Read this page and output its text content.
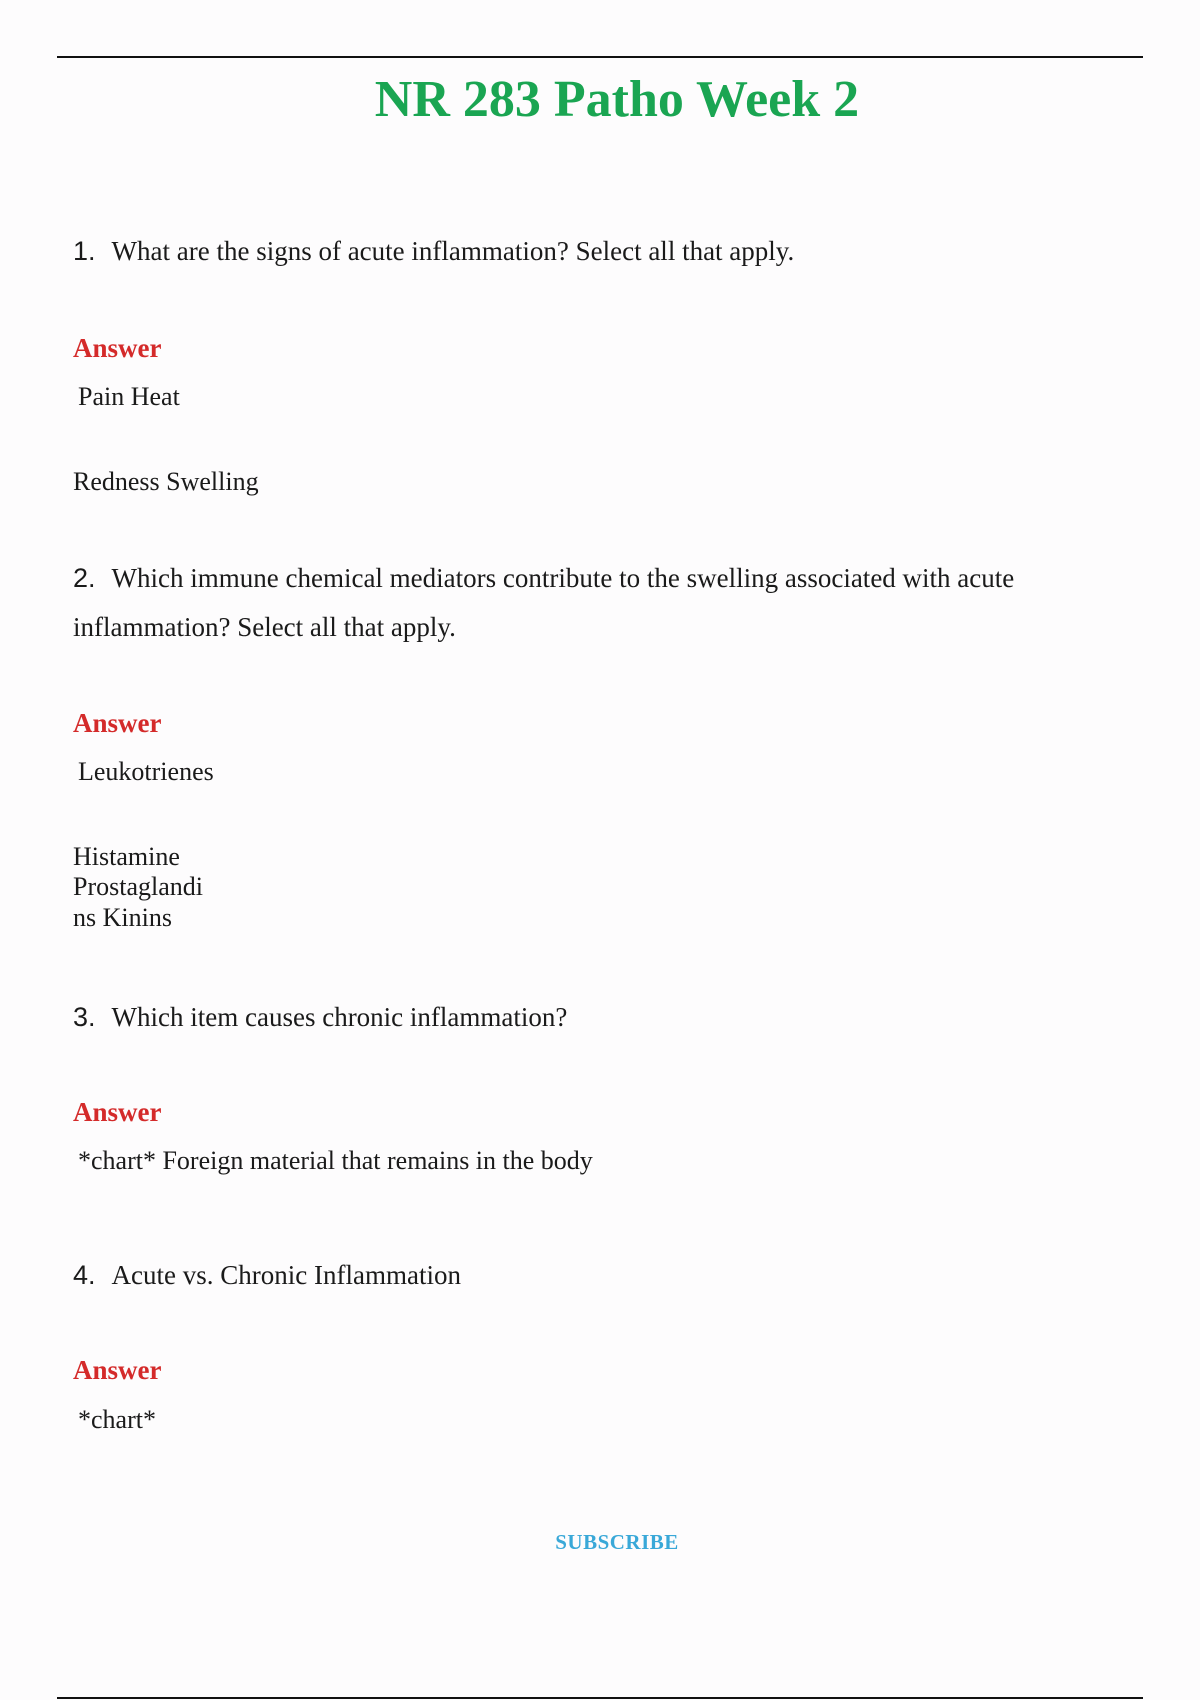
NR 283 Patho Week 2
1. What are the signs of acute inflammation? Select all that apply.
Answer
Pain Heat
Redness Swelling
2. Which immune chemical mediators contribute to the swelling associated with acute inflammation? Select all that apply.
Answer
Leukotrienes
Histamine
Prostaglandi
ns Kinins
3. Which item causes chronic inflammation?
Answer
*chart* Foreign material that remains in the body
4. Acute vs. Chronic Inflammation
Answer
*chart*
SUBSCRIBE
